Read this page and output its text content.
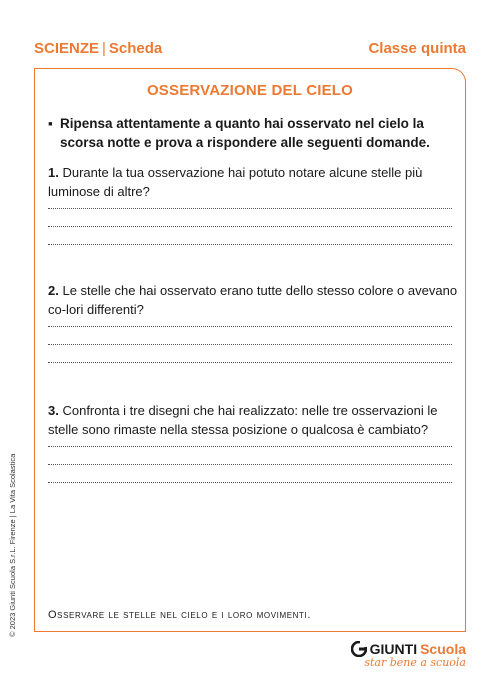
SCIENZE | Scheda	Classe quinta
OSSERVAZIONE DEL CIELO
▪ Ripensa attentamente a quanto hai osservato nel cielo la scorsa notte e prova a rispondere alle seguenti domande.
1. Durante la tua osservazione hai potuto notare alcune stelle più luminose di altre?
2. Le stelle che hai osservato erano tutte dello stesso colore o avevano co-lori differenti?
3. Confronta i tre disegni che hai realizzato: nelle tre osservazioni le stelle sono rimaste nella stessa posizione o qualcosa è cambiato?
Osservare le stelle nel cielo e i loro movimenti.
© 2023 Giunti Scuola S.r.L. Firenze | La Vita Scolastica
GIUNTI Scuola
star bene a scuola
